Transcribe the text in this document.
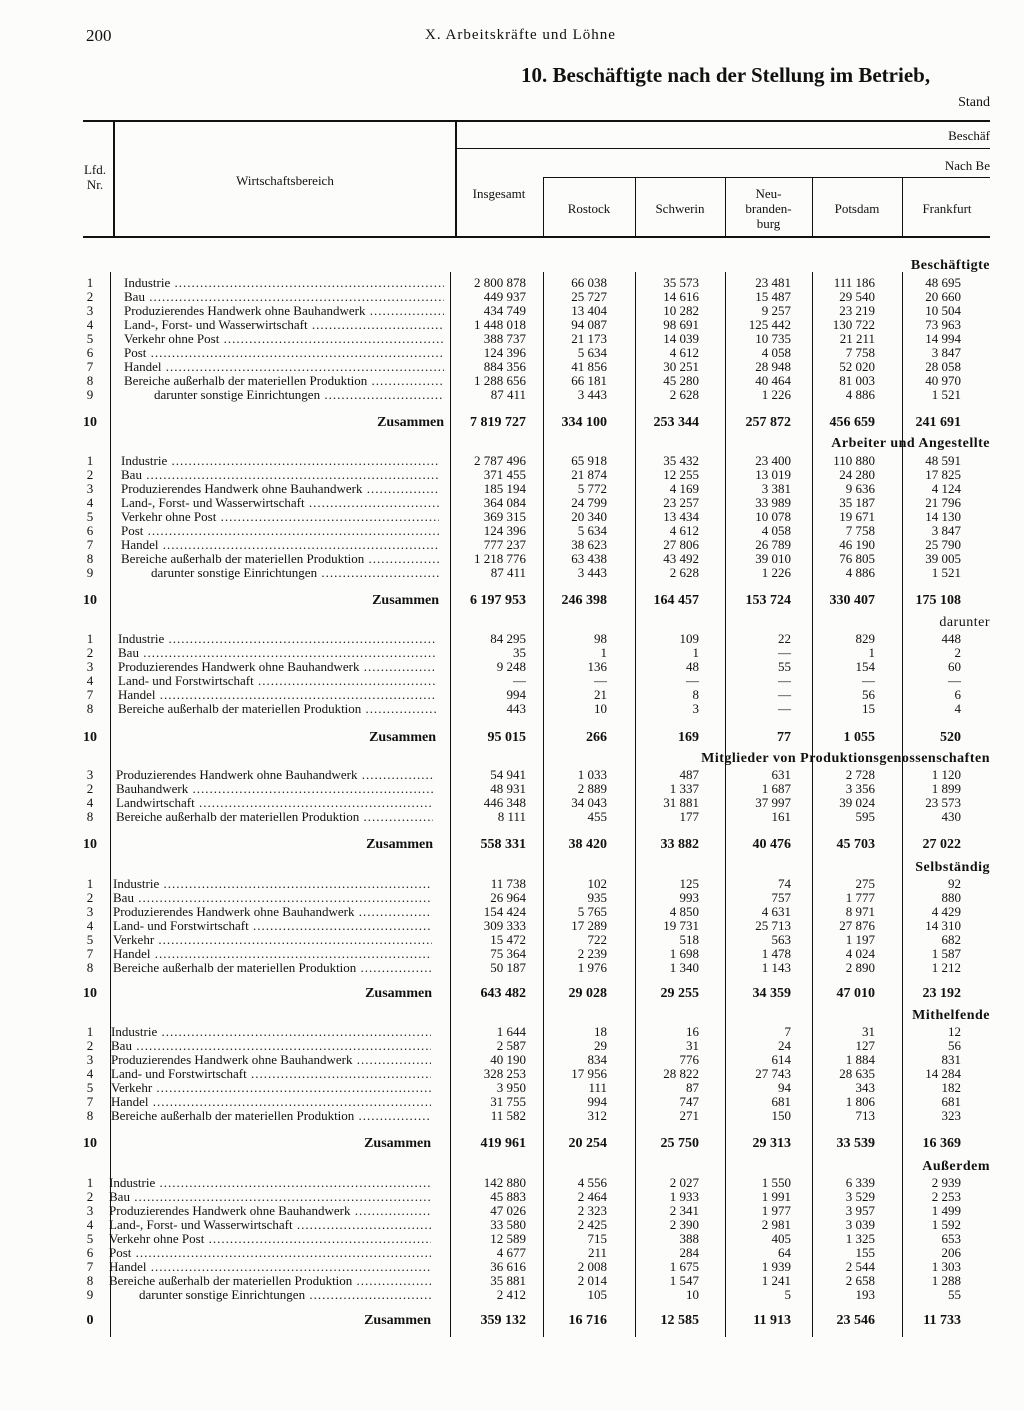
200	X. Arbeitskräfte und Löhne
10. Beschäftigte nach der Stellung im Betrieb,
Stand
Lfd. Nr.	Wirtschaftsbereich
Beschäf
Nach Be
Insgesamt
Rostock	Schwerin
Neu-
branden-
burg
Potsdam	Frankfurt
Beschäftigte
1	Industrie .....	2 800 878	66 038	35 573	23 481	111 186	48 695
2	Bau .....	449 937	25 727	14 616	15 487	29 540	20 660
3	Produzierendes Handwerk ohne Bauhandwerk .....	434 749	13 404	10 282	9 257	23 219	10 504
4	Land-, Forst- und Wasserwirtschaft .....	1 448 018	94 087	98 691	125 442	130 722	73 963
5	Verkehr ohne Post .....	388 737	21 173	14 039	10 735	21 211	14 994
6	Post .....	124 396	5 634	4 612	4 058	7 758	3 847
7	Handel .....	884 356	41 856	30 251	28 948	52 020	28 058
8	Bereiche außerhalb der materiellen Produktion .....	1 288 656	66 181	45 280	40 464	81 003	40 970
9	darunter sonstige Einrichtungen .....	87 411	3 443	2 628	1 226	4 886	1 521
10	Zusammen 7 819 727	334 100	253 344	257 872	456 659	241 691
Arbeiter und Angestellte
1	Industrie .....	2 787 496	65 918	35 432	23 400	110 880	48 591
2	Bau .....	371 455	21 874	12 255	13 019	24 280	17 825
3	Produzierendes Handwerk ohne Bauhandwerk .....	185 194	5 772	4 169	3 381	9 636	4 124
4	Land-, Forst- und Wasserwirtschaft .....	364 084	24 799	23 257	33 989	35 187	21 796
5	Verkehr ohne Post .....	369 315	20 340	13 434	10 078	19 671	14 130
6	Post .....	124 396	5 634	4 612	4 058	7 758	3 847
7	Handel .....	777 237	38 623	27 806	26 789	46 190	25 790
8	Bereiche außerhalb der materiellen Produktion .....	1 218 776	63 438	43 492	39 010	76 805	39 005
9	darunter sonstige Einrichtungen .....	87 411	3 443	2 628	1 226	4 886	1 521
10	Zusammen 6 197 953	246 398	164 457	153 724	330 407	175 108
darunter
1	Industrie .....	84 295	98	109	22	829	448
2	Bau .....	35	1	1	—	1	2
3	Produzierendes Handwerk ohne Bauhandwerk .....	9 248	136	48	55	154	60
4	Land- und Forstwirtschaft .....	—	—	—	—	—	—
7	Handel .....	994	21	8	—	56	6
8	Bereiche außerhalb der materiellen Produktion .....	443	10	3	—	15	4
10	Zusammen	95 015	266	169	77	1 055	520
Mitglieder von Produktionsgenossenschaften
3	Produzierendes Handwerk ohne Bauhandwerk .....	54 941	1 033	487	631	2 728	1 120
2	Bauhandwerk .....	48 931	2 889	1 337	1 687	3 356	1 899
4	Landwirtschaft .....	446 348	34 043	31 881	37 997	39 024	23 573
8	Bereiche außerhalb der materiellen Produktion .....	8 111	455	177	161	595	430
10	Zusammen	558 331	38 420	33 882	40 476	45 703	27 022
Selbständig
1	Industrie .....	11 738	102	125	74	275	92
2	Bau .....	26 964	935	993	757	1 777	880
3	Produzierendes Handwerk ohne Bauhandwerk .....	154 424	5 765	4 850	4 631	8 971	4 429
4	Land- und Forstwirtschaft .....	309 333	17 289	19 731	25 713	27 876	14 310
5	Verkehr .....	15 472	722	518	563	1 197	682
7	Handel .....	75 364	2 239	1 698	1 478	4 024	1 587
8	Bereiche außerhalb der materiellen Produktion .....	50 187	1 976	1 340	1 143	2 890	1 212
10	Zusammen	643 482	29 028	29 255	34 359	47 010	23 192
Mithelfende
1	Industrie .....	1 644	18	16	7	31	12
2	Bau .....	2 587	29	31	24	127	56
3	Produzierendes Handwerk ohne Bauhandwerk .....	40 190	834	776	614	1 884	831
4	Land- und Forstwirtschaft .....	328 253	17 956	28 822	27 743	28 635	14 284
5	Verkehr .....	3 950	111	87	94	343	182
7	Handel .....	31 755	994	747	681	1 806	681
8	Bereiche außerhalb der materiellen Produktion .....	11 582	312	271	150	713	323
10	Zusammen	419 961	20 254	25 750	29 313	33 539	16 369
Außerdem
1	Industrie .....	142 880	4 556	2 027	1 550	6 339	2 939
2	Bau .....	45 883	2 464	1 933	1 991	3 529	2 253
3	Produzierendes Handwerk ohne Bauhandwerk .....	47 026	2 323	2 341	1 977	3 957	1 499
4	Land-, Forst- und Wasserwirtschaft .....	33 580	2 425	2 390	2 981	3 039	1 592
5	Verkehr ohne Post .....	12 589	715	388	405	1 325	653
6	Post .....	4 677	211	284	64	155	206
7	Handel .....	36 616	2 008	1 675	1 939	2 544	1 303
8	Bereiche außerhalb der materiellen Produktion .....	35 881	2 014	1 547	1 241	2 658	1 288
9	darunter sonstige Einrichtungen .....	2 412	105	10	5	193	55
0	Zusammen	359 132	16 716	12 585	11 913	23 546	11 733
